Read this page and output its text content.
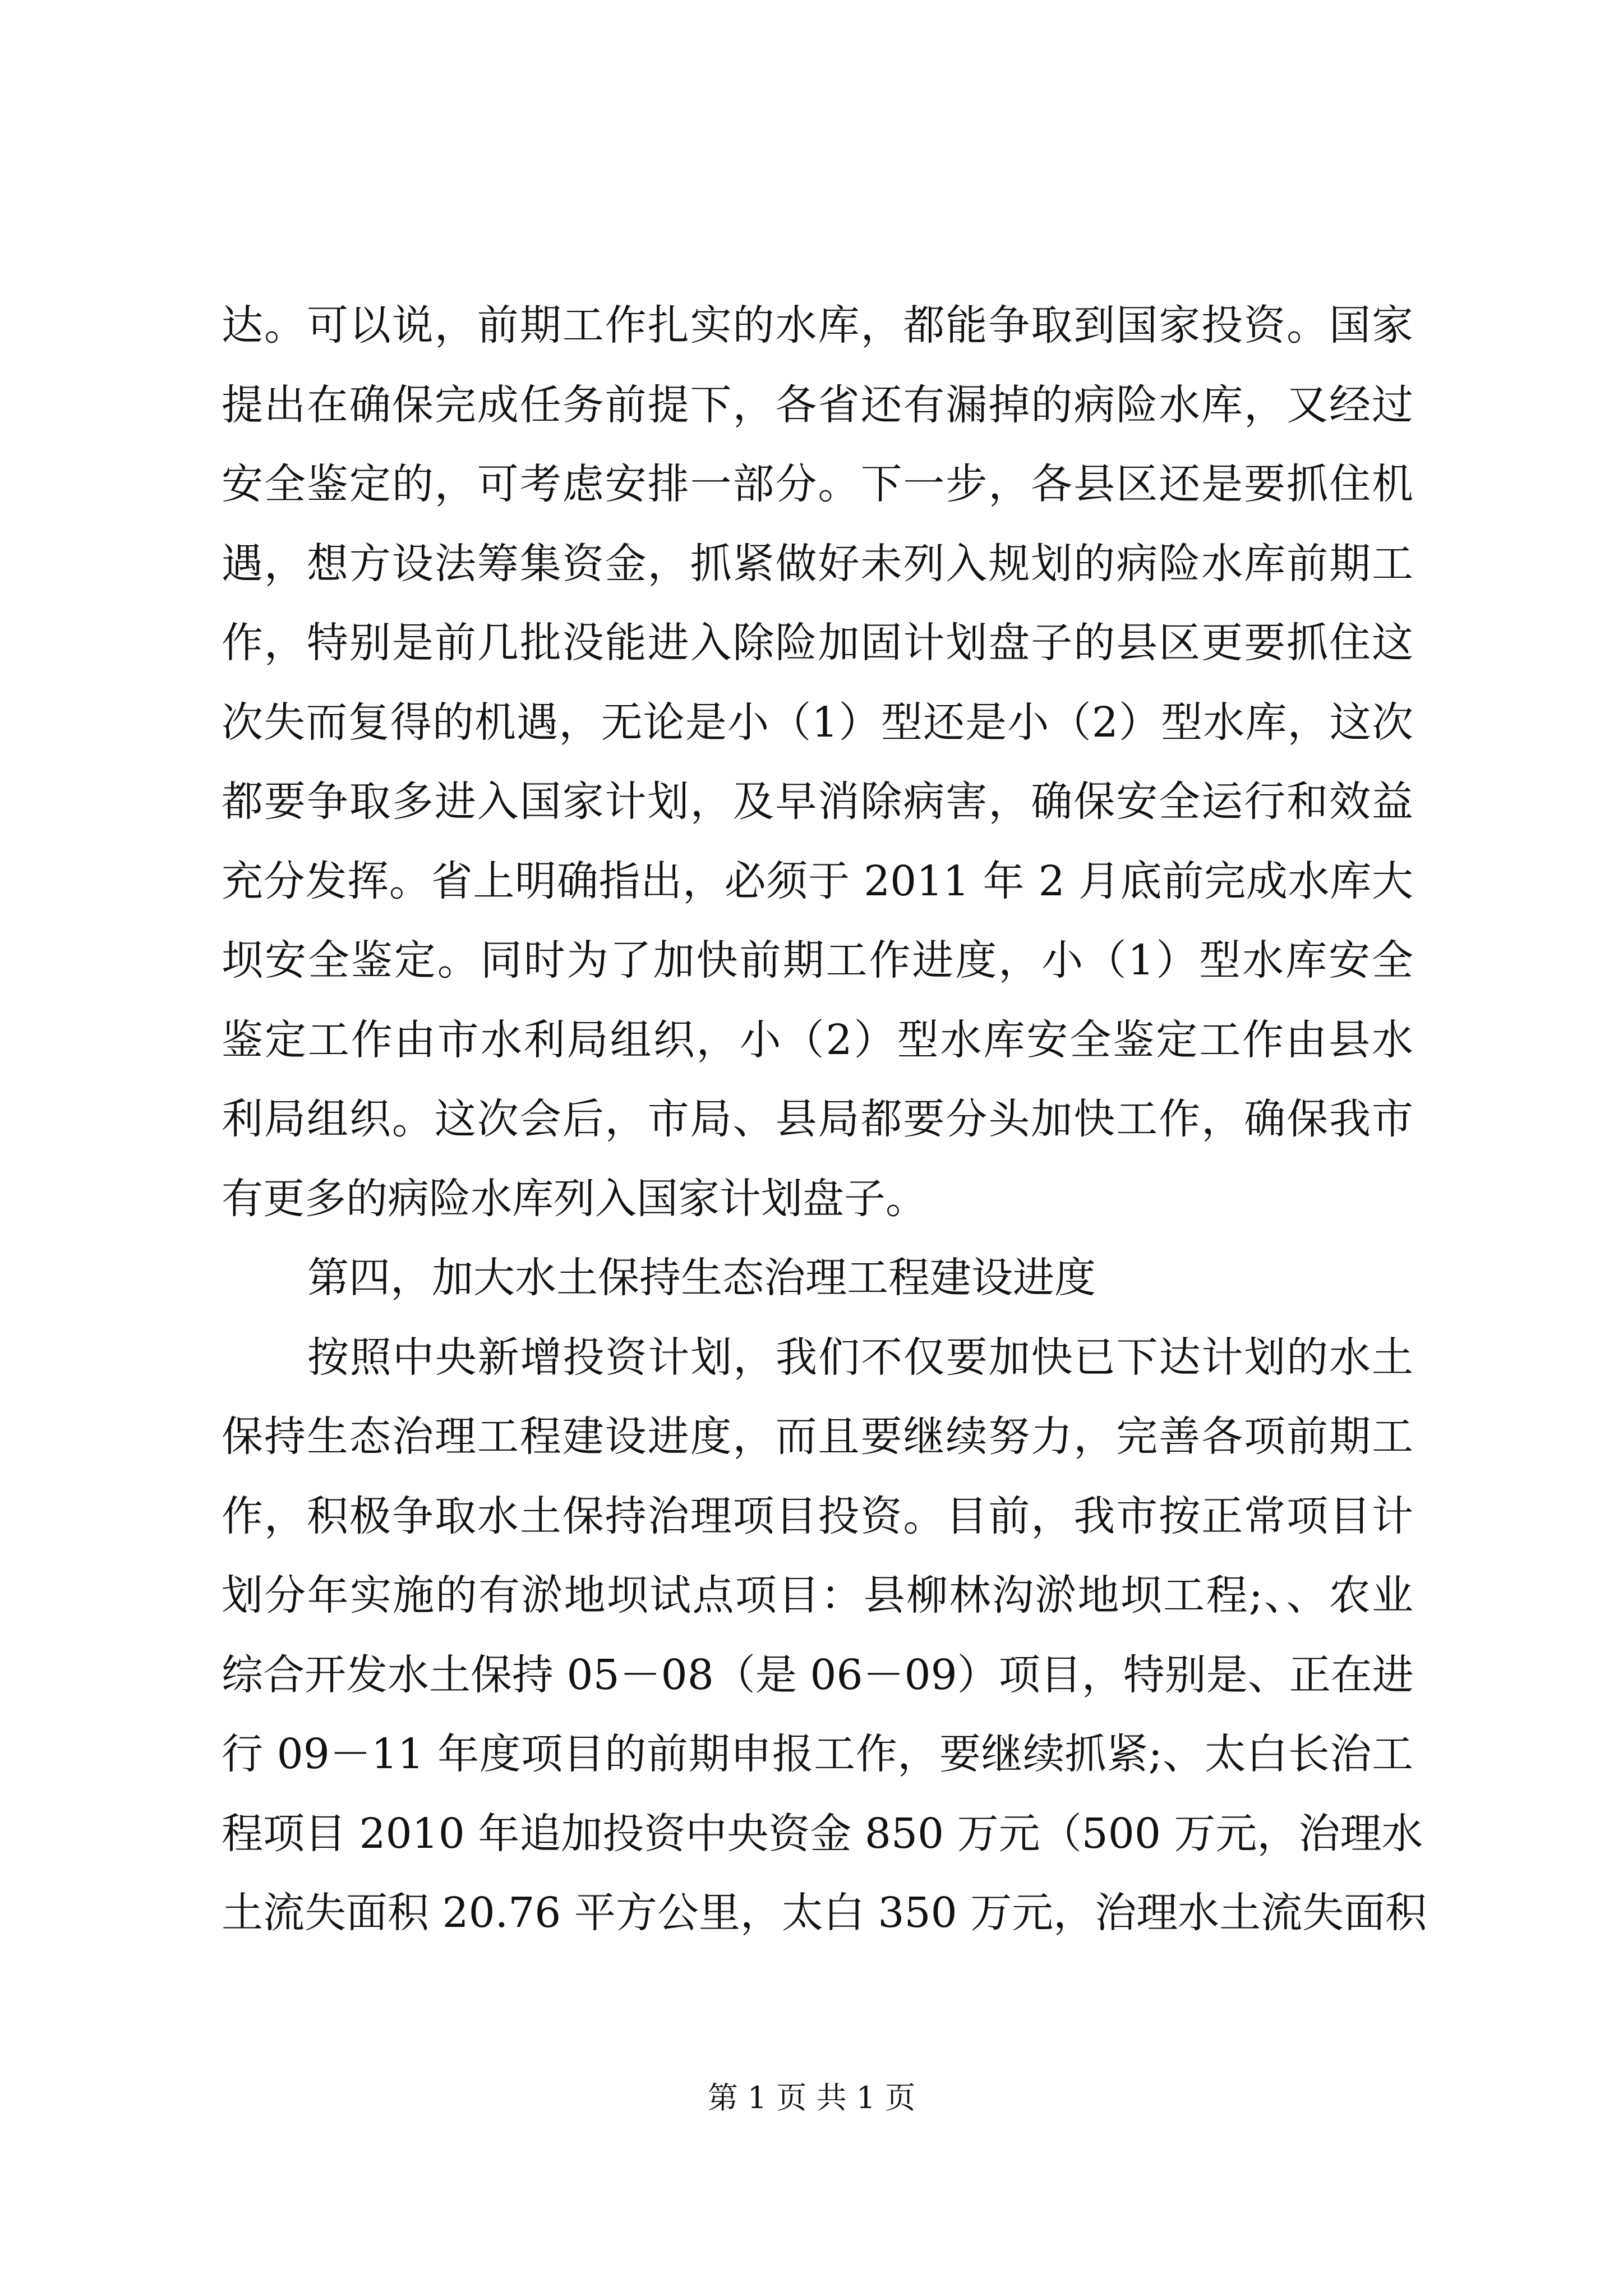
达。可以说，前期工作扎实的水库，都能争取到国家投资。国家
提出在确保完成任务前提下，各省还有漏掉的病险水库，又经过
安全鉴定的，可考虑安排一部分。下一步，各县区还是要抓住机
遇，想方设法筹集资金，抓紧做好未列入规划的病险水库前期工
作，特别是前几批没能进入除险加固计划盘子的县区更要抓住这
次失而复得的机遇，无论是小（1）型还是小（2）型水库，这次
都要争取多进入国家计划，及早消除病害，确保安全运行和效益
充分发挥。省上明确指出，必须于 2011 年 2 月底前完成水库大
坝安全鉴定。同时为了加快前期工作进度，小（1）型水库安全
鉴定工作由市水利局组织，小（2）型水库安全鉴定工作由县水
利局组织。这次会后，市局、县局都要分头加快工作，确保我市
有更多的病险水库列入国家计划盘子。
第四，加大水土保持生态治理工程建设进度
按照中央新增投资计划，我们不仅要加快已下达计划的水土
保持生态治理工程建设进度，而且要继续努力，完善各项前期工
作，积极争取水土保持治理项目投资。目前，我市按正常项目计
划分年实施的有淤地坝试点项目：县柳林沟淤地坝工程;、、农业
综合开发水土保持 05－08（是 06－09）项目，特别是、正在进
行 09－11 年度项目的前期申报工作，要继续抓紧;、太白长治工
程项目 2010 年追加投资中央资金 850 万元（500 万元，治理水
土流失面积 20.76 平方公里，太白 350 万元，治理水土流失面积
第 1 页 共 1 页
